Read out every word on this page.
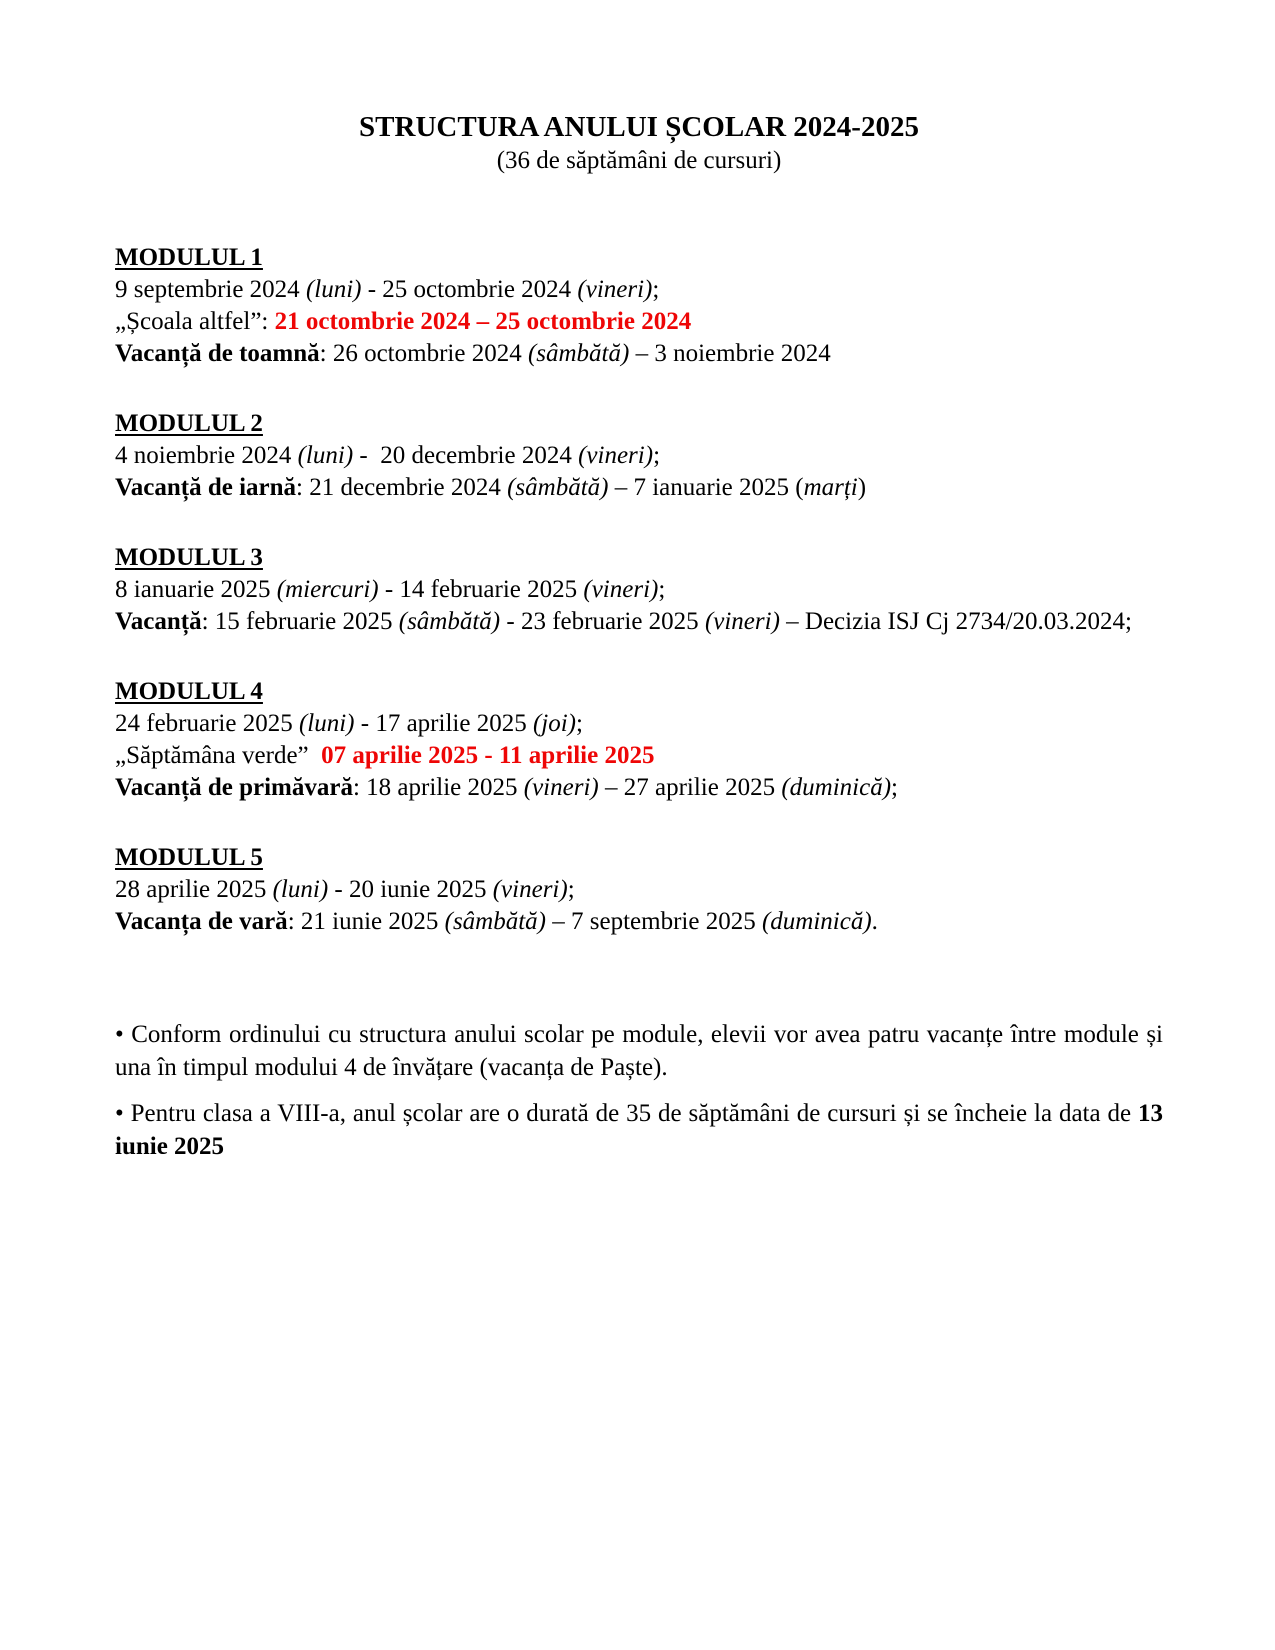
STRUCTURA ANULUI ȘCOLAR 2024-2025

(36 de săptămâni de cursuri)

MODULUL 1

9 septembrie 2024 (luni) - 25 octombrie 2024 (vineri);

„Școala altfel”: 21 octombrie 2024 – 25 octombrie 2024

Vacanță de toamnă: 26 octombrie 2024 (sâmbătă) – 3 noiembrie 2024

MODULUL 2

4 noiembrie 2024 (luni) -  20 decembrie 2024 (vineri);

Vacanță de iarnă: 21 decembrie 2024 (sâmbătă) – 7 ianuarie 2025 (marți)

MODULUL 3

8 ianuarie 2025 (miercuri) - 14 februarie 2025 (vineri);

Vacanță: 15 februarie 2025 (sâmbătă) - 23 februarie 2025 (vineri) – Decizia ISJ Cj 2734/20.03.2024;

MODULUL 4

24 februarie 2025 (luni) - 17 aprilie 2025 (joi);

„Săptămâna verde”  07 aprilie 2025 - 11 aprilie 2025

Vacanță de primăvară: 18 aprilie 2025 (vineri) – 27 aprilie 2025 (duminică);

MODULUL 5

28 aprilie 2025 (luni) - 20 iunie 2025 (vineri);

Vacanța de vară: 21 iunie 2025 (sâmbătă) – 7 septembrie 2025 (duminică).

• Conform ordinului cu structura anului scolar pe module, elevii vor avea patru vacanțe între module și una în timpul modului 4 de învățare (vacanța de Paște).

• Pentru clasa a VIII-a, anul școlar are o durată de 35 de săptămâni de cursuri și se încheie la data de 13 iunie 2025
